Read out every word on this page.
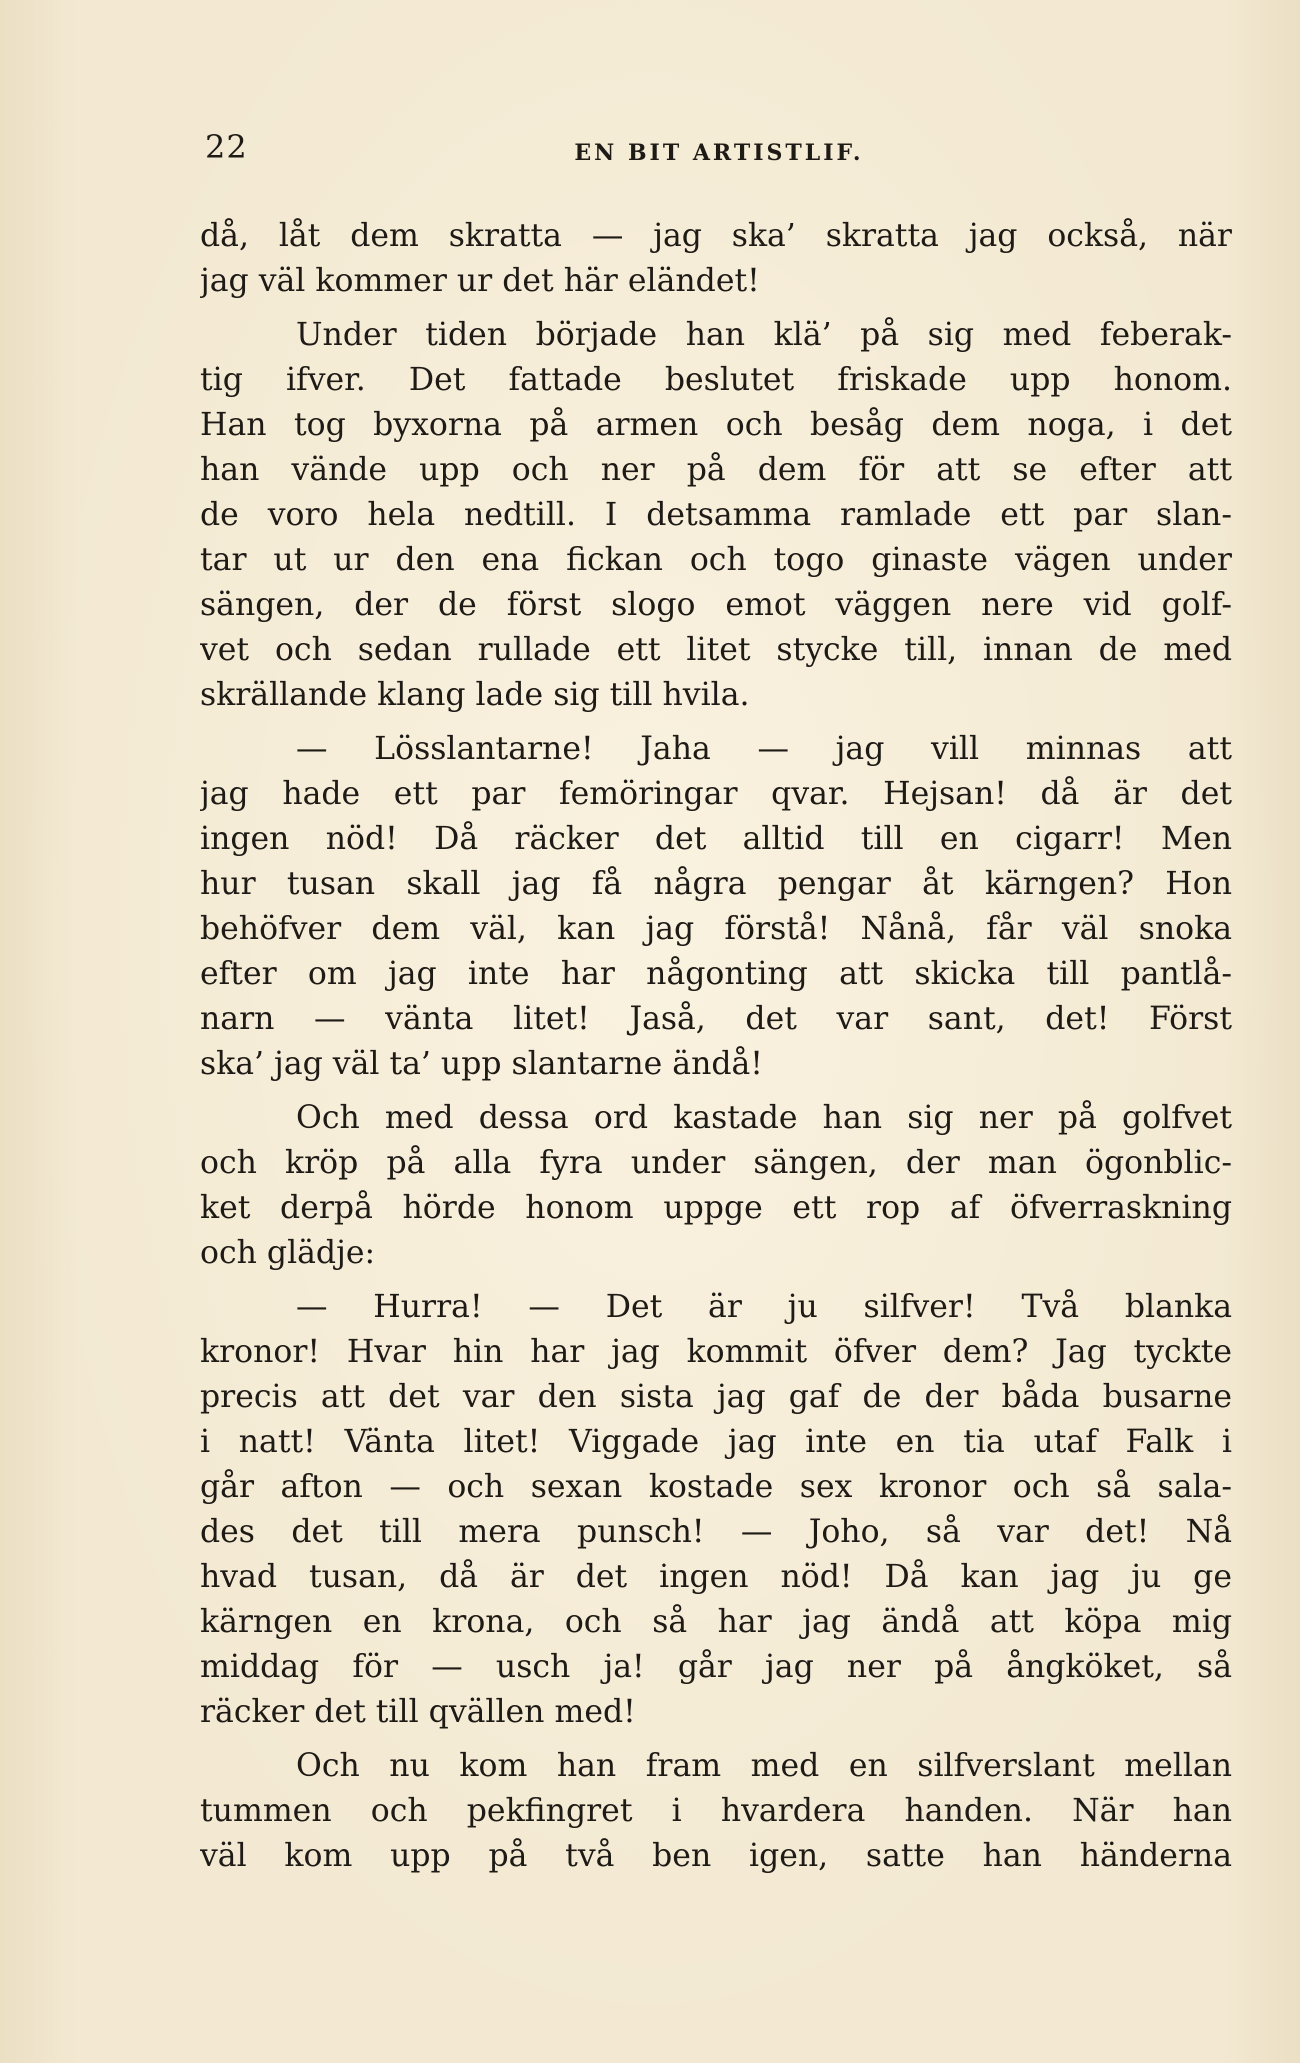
22	EN BIT ARTISTLIF.
då, låt dem skratta — jag ska’ skratta jag också, när
jag väl kommer ur det här eländet!
Under tiden började han klä’ på sig med feberak-
tig ifver. Det fattade beslutet friskade upp honom.
Han tog byxorna på armen och besåg dem noga, i det
han vände upp och ner på dem för att se efter att
de voro hela nedtill. I detsamma ramlade ett par slan-
tar ut ur den ena fickan och togo ginaste vägen under
sängen, der de först slogo emot väggen nere vid golf-
vet och sedan rullade ett litet stycke till, innan de med
skrällande klang lade sig till hvila.
— Lösslantarne! Jaha — jag vill minnas att
jag hade ett par femöringar qvar. Hejsan! då är det
ingen nöd! Då räcker det alltid till en cigarr! Men
hur tusan skall jag få några pengar åt kärngen? Hon
behöfver dem väl, kan jag förstå! Nånå, får väl snoka
efter om jag inte har någonting att skicka till pantlå-
narn — vänta litet! Jaså, det var sant, det! Först
ska’ jag väl ta’ upp slantarne ändå!
Och med dessa ord kastade han sig ner på golfvet
och kröp på alla fyra under sängen, der man ögonblic-
ket derpå hörde honom uppge ett rop af öfverraskning
och glädje:
— Hurra! — Det är ju silfver! Två blanka
kronor! Hvar hin har jag kommit öfver dem? Jag tyckte
precis att det var den sista jag gaf de der båda busarne
i natt! Vänta litet! Viggade jag inte en tia utaf Falk i
går afton — och sexan kostade sex kronor och så sala-
des det till mera punsch! — Joho, så var det! Nå
hvad tusan, då är det ingen nöd! Då kan jag ju ge
kärngen en krona, och så har jag ändå att köpa mig
middag för — usch ja! går jag ner på ångköket, så
räcker det till qvällen med!
Och nu kom han fram med en silfverslant mellan
tummen och pekfingret i hvardera handen. När han
väl kom upp på två ben igen, satte han händerna
